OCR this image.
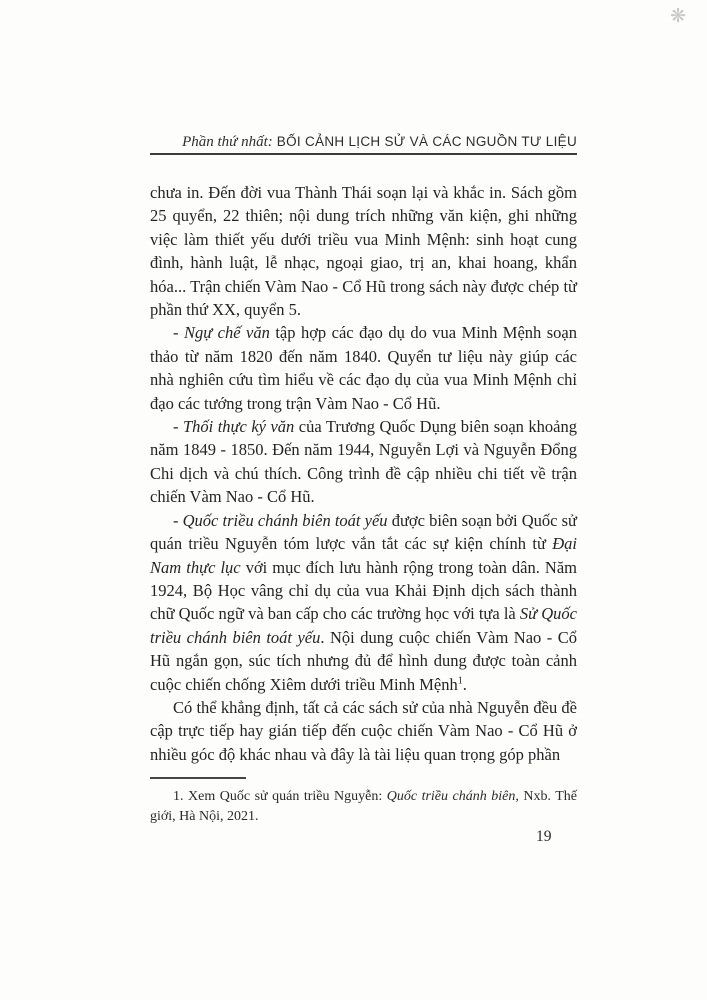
❋
Phần thứ nhất: BỐI CẢNH LỊCH SỬ VÀ CÁC NGUỒN TƯ LIỆU

chưa in. Đến đời vua Thành Thái soạn lại và khắc in. Sách gồm 25 quyển, 22 thiên; nội dung trích những văn kiện, ghi những việc làm thiết yếu dưới triều vua Minh Mệnh: sinh hoạt cung đình, hành luật, lễ nhạc, ngoại giao, trị an, khai hoang, khẩn hóa... Trận chiến Vàm Nao - Cổ Hũ trong sách này được chép từ phần thứ XX, quyển 5.

- Ngự chế văn tập hợp các đạo dụ do vua Minh Mệnh soạn thảo từ năm 1820 đến năm 1840. Quyển tư liệu này giúp các nhà nghiên cứu tìm hiểu về các đạo dụ của vua Minh Mệnh chỉ đạo các tướng trong trận Vàm Nao - Cổ Hũ.

- Thối thực ký văn của Trương Quốc Dụng biên soạn khoảng năm 1849 - 1850. Đến năm 1944, Nguyễn Lợi và Nguyễn Đổng Chi dịch và chú thích. Công trình đề cập nhiều chi tiết về trận chiến Vàm Nao - Cổ Hũ.

- Quốc triều chánh biên toát yếu được biên soạn bởi Quốc sử quán triều Nguyễn tóm lược vắn tắt các sự kiện chính từ Đại Nam thực lục với mục đích lưu hành rộng trong toàn dân. Năm 1924, Bộ Học vâng chỉ dụ của vua Khải Định dịch sách thành chữ Quốc ngữ và ban cấp cho các trường học với tựa là Sử Quốc triều chánh biên toát yếu. Nội dung cuộc chiến Vàm Nao - Cổ Hũ ngắn gọn, súc tích nhưng đủ để hình dung được toàn cảnh cuộc chiến chống Xiêm dưới triều Minh Mệnh$^1$.

Có thể khẳng định, tất cả các sách sử của nhà Nguyễn đều đề cập trực tiếp hay gián tiếp đến cuộc chiến Vàm Nao - Cổ Hũ ở nhiều góc độ khác nhau và đây là tài liệu quan trọng góp phần

1. Xem Quốc sử quán triều Nguyễn: Quốc triều chánh biên, Nxb. Thế giới, Hà Nội, 2021.

19
